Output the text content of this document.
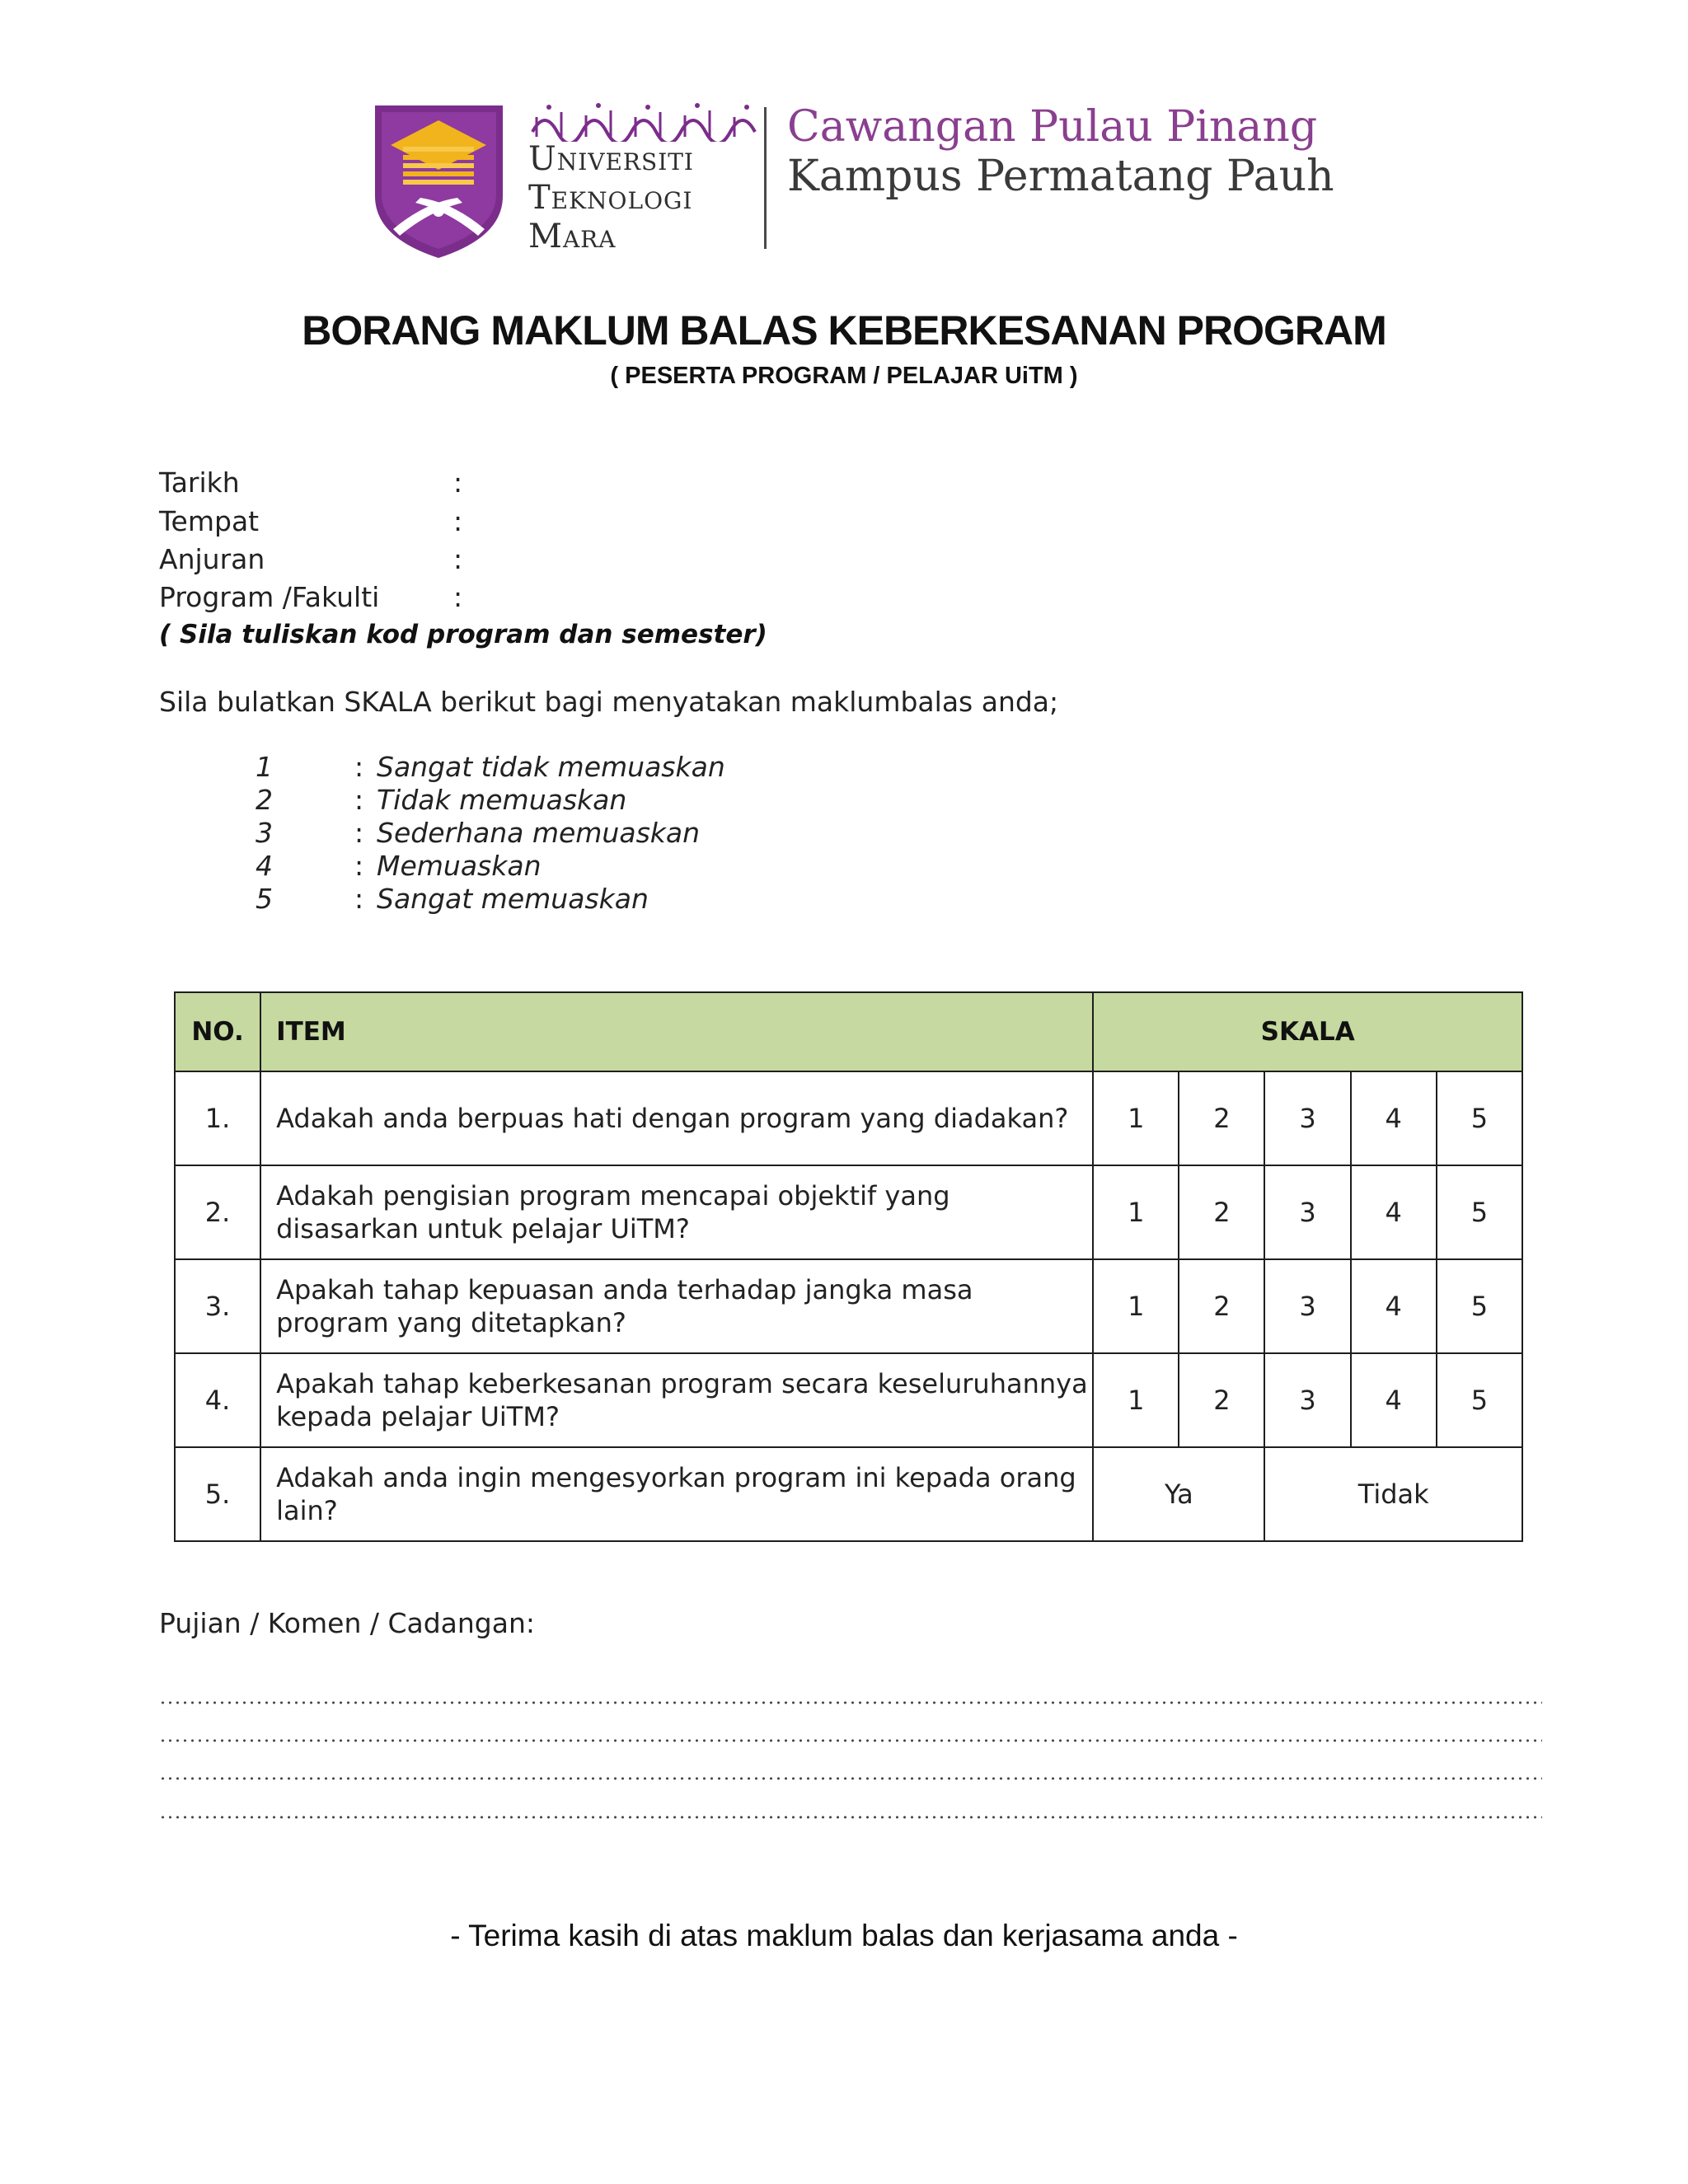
Universiti
Teknologi
Mara
Cawangan Pulau Pinang
Kampus Permatang Pauh
BORANG MAKLUM BALAS KEBERKESANAN PROGRAM
( PESERTA PROGRAM / PELAJAR UiTM )
Tarikh	:
Tempat	:
Anjuran	:
Program /Fakulti	:
( Sila tuliskan kod program dan semester)
Sila bulatkan SKALA berikut bagi menyatakan maklumbalas anda;
1	: Sangat tidak memuaskan
2	: Tidak memuaskan
3	: Sederhana memuaskan
4	: Memuaskan
5	: Sangat memuaskan
NO.	ITEM	SKALA				
1.	Adakah anda berpuas hati dengan program yang diadakan?	1	2	3	4	5
2.	Adakah pengisian program mencapai objektif yang disasarkan untuk pelajar UiTM?	1	2	3	4	5
3.	Apakah tahap kepuasan anda terhadap jangka masa program yang ditetapkan?	1	2	3	4	5
4.	Apakah tahap keberkesanan program secara keseluruhannya kepada pelajar UiTM?	1	2	3	4	5
5.	Adakah anda ingin mengesyorkan program ini kepada orang lain?	Ya		Tidak		
Pujian / Komen / Cadangan:
- Terima kasih di atas maklum balas dan kerjasama anda -
